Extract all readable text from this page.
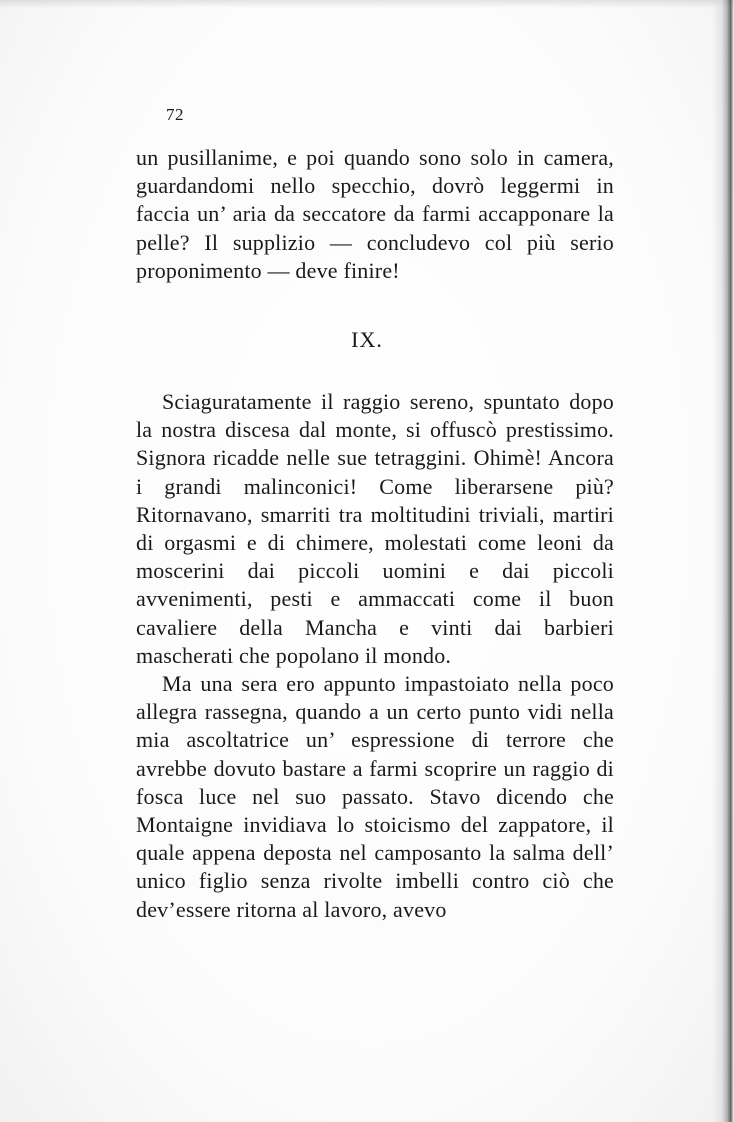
72

un pusillanime, e poi quando sono solo in camera, guardandomi nello specchio, dovrò leggermi in faccia un’ aria da seccatore da farmi accapponare la pelle? Il supplizio — concludevo col più serio proponimento — deve finire!

IX.

Sciaguratamente il raggio sereno, spuntato dopo la nostra discesa dal monte, si offuscò prestissimo. Signora ricadde nelle sue tetraggini. Ohimè! Ancora i grandi malinconici! Come liberarsene più? Ritornavano, smarriti tra moltitudini triviali, martiri di orgasmi e di chimere, molestati come leoni da moscerini dai piccoli uomini e dai piccoli avvenimenti, pesti e ammaccati come il buon cavaliere della Mancha e vinti dai barbieri mascherati che popolano il mondo.

Ma una sera ero appunto impastoiato nella poco allegra rassegna, quando a un certo punto vidi nella mia ascoltatrice un’ espressione di terrore che avrebbe dovuto bastare a farmi scoprire un raggio di fosca luce nel suo passato. Stavo dicendo che Montaigne invidiava lo stoicismo del zappatore, il quale appena deposta nel camposanto la salma dell’ unico figlio senza rivolte imbelli contro ciò che dev’essere ritorna al lavoro, avevo
